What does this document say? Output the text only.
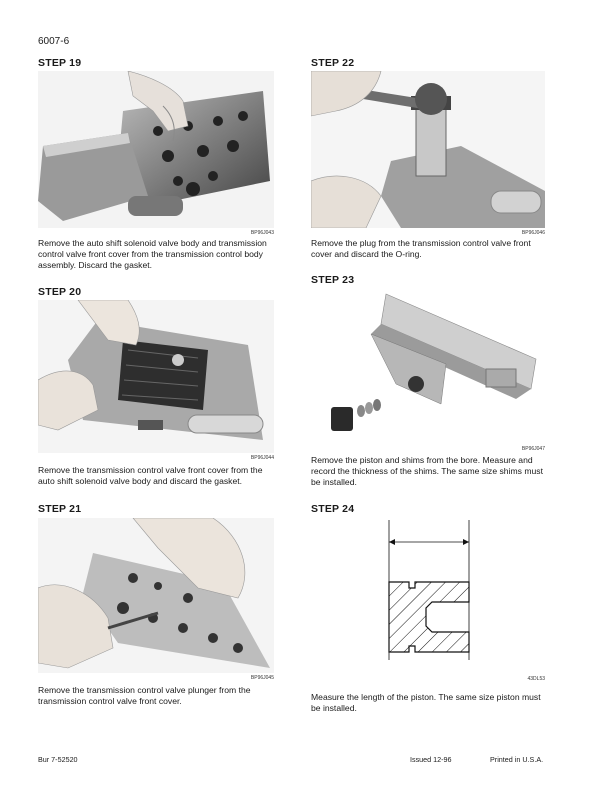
6007-6
STEP 19
BP96J043
Remove the auto shift solenoid valve body and transmission control valve front cover from the transmission control body assembly. Discard the gasket.
STEP 20
BP96J044
Remove the transmission control valve front cover from the auto shift solenoid valve body and discard the gasket.
STEP 21
BP96J045
Remove the transmission control valve plunger from the transmission control valve front cover.
STEP 22
BP96J046
Remove the plug from the transmission control valve front cover and discard the O-ring.
STEP 23
BP96J047
Remove the piston and shims from the bore. Measure and record the thickness of the shims. The same size shims must be installed.
STEP 24
43DL53
Measure the length of the piston. The same size piston must be installed.
Bur 7-52520	Issued 12-96	Printed in U.S.A.
